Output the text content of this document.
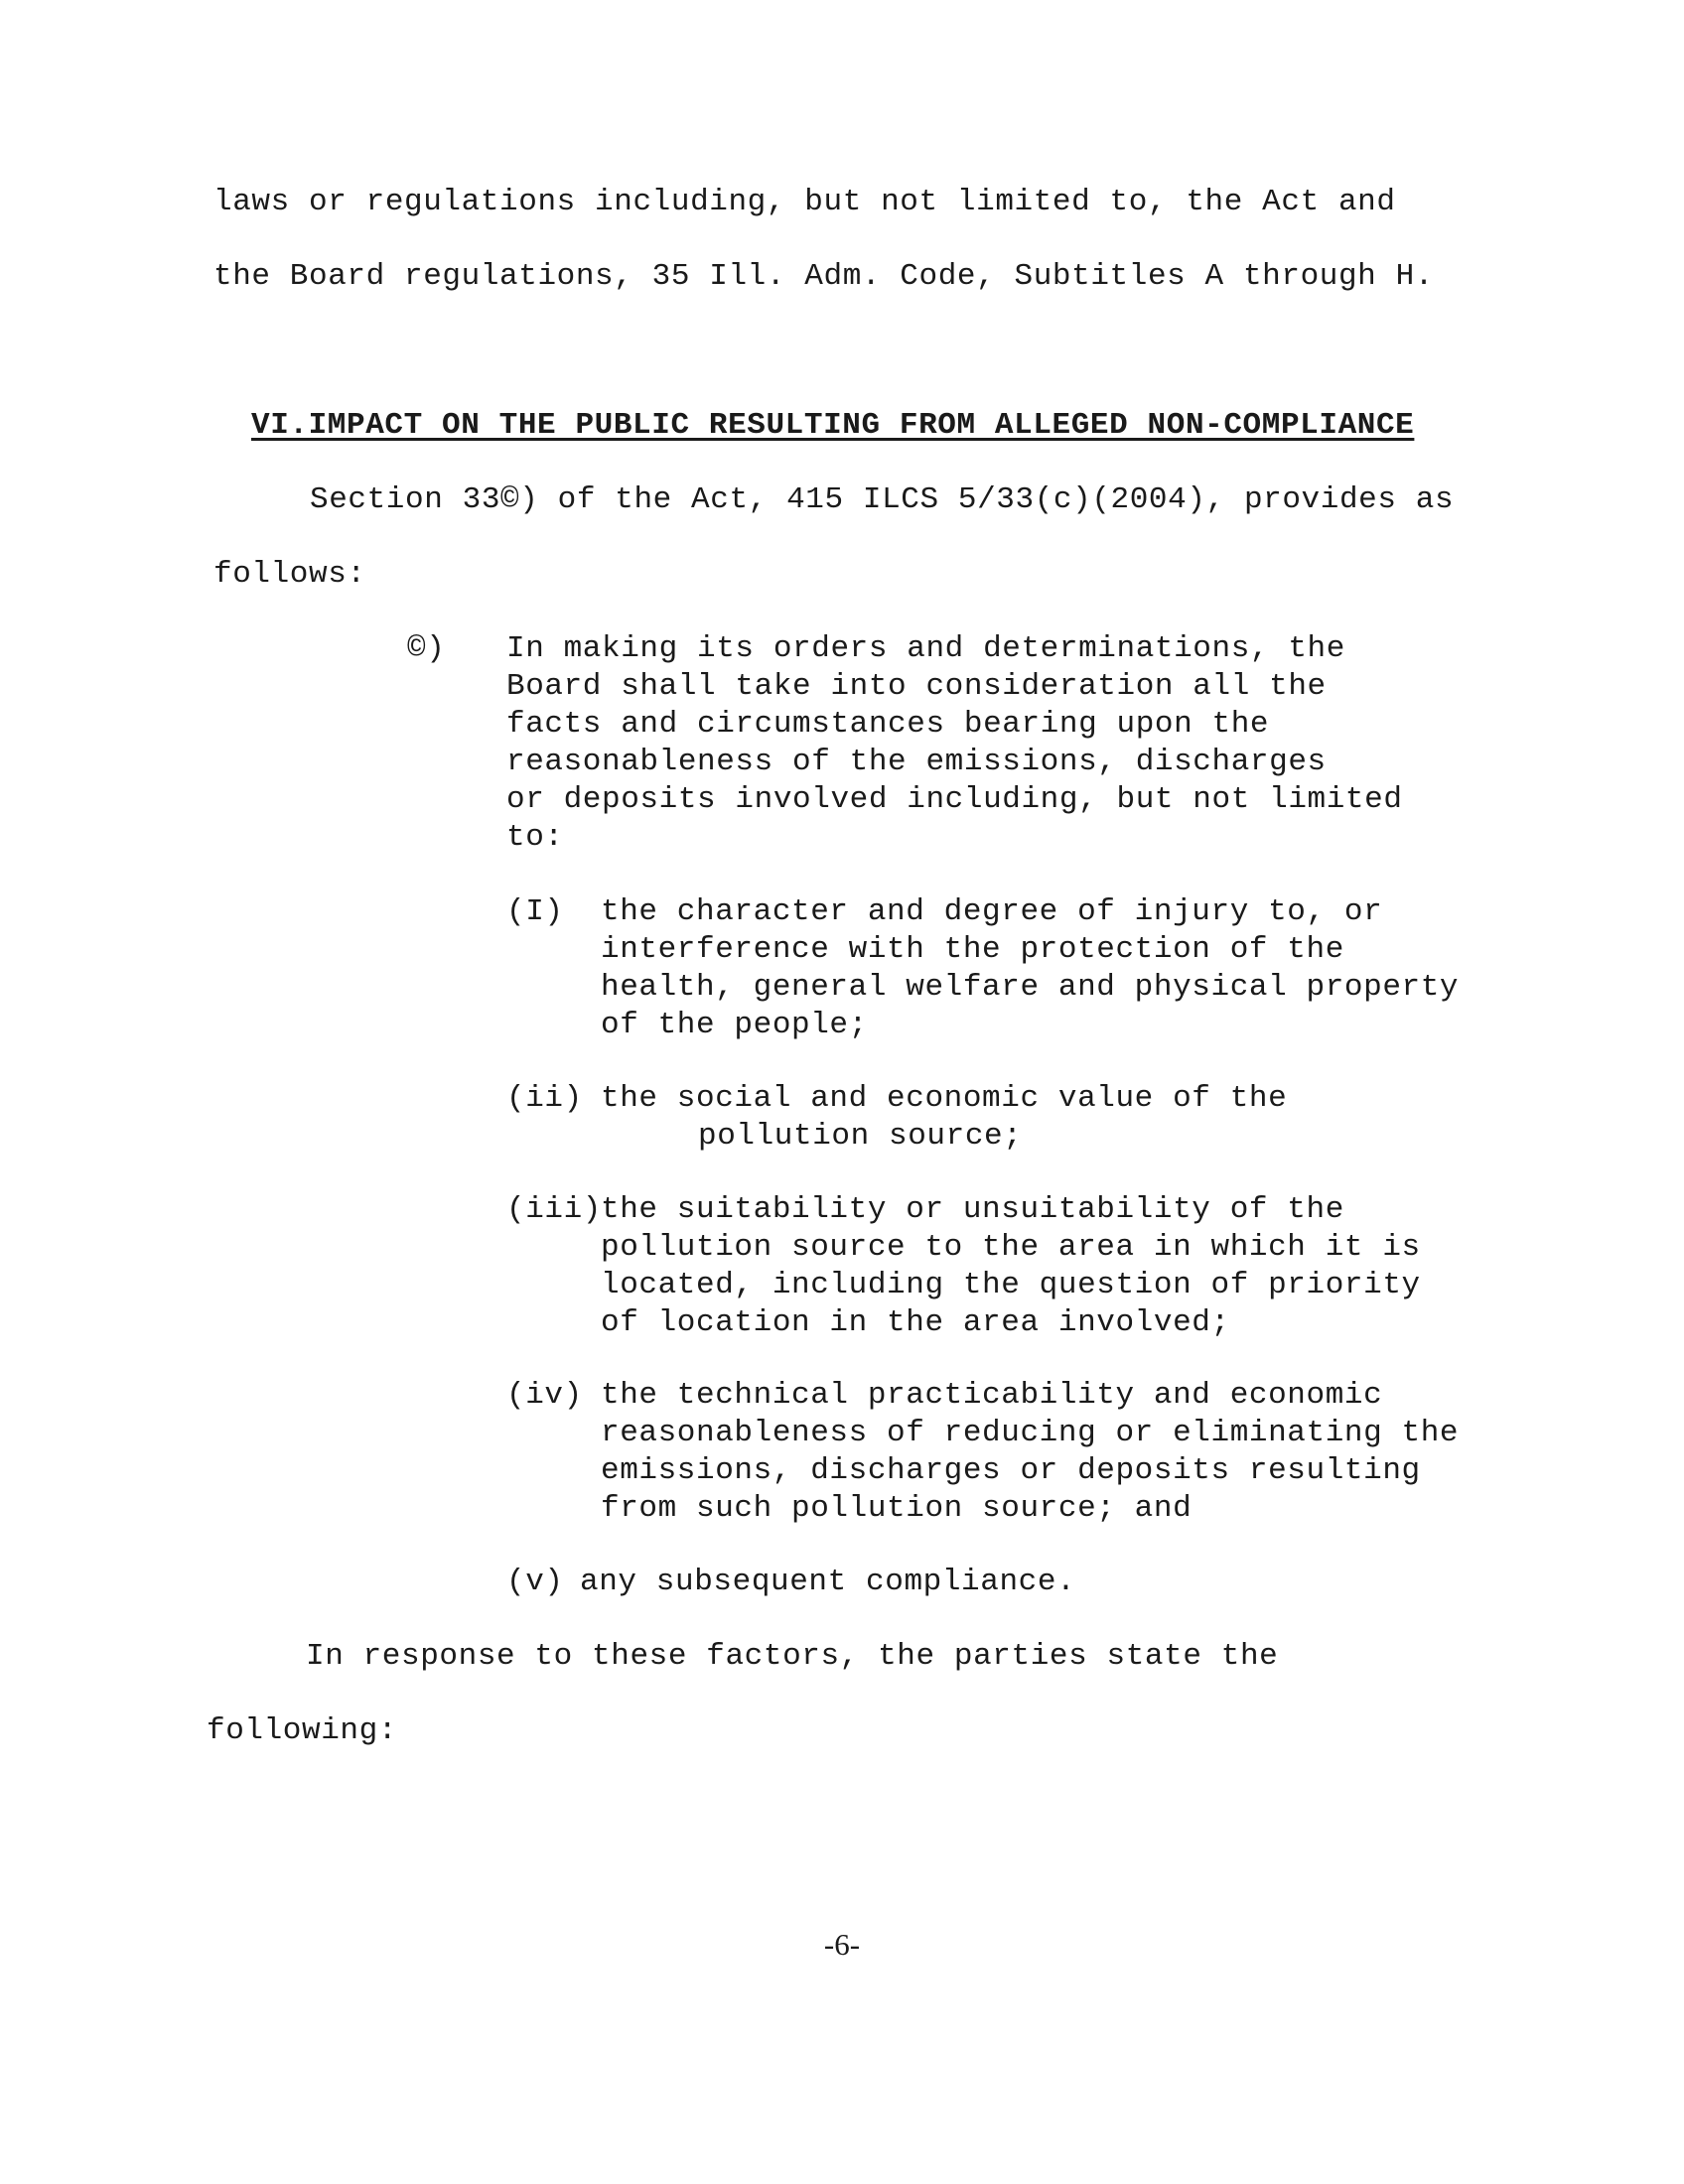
laws or regulations including, but not limited to, the Act and
the Board regulations, 35 Ill. Adm. Code, Subtitles A through H.
VI.IMPACT ON THE PUBLIC RESULTING FROM ALLEGED NON-COMPLIANCE
Section 33©) of the Act, 415 ILCS 5/33(c)(2004), provides as
follows:
©) In making its orders and determinations, the
Board shall take into consideration all the
facts and circumstances bearing upon the
reasonableness of the emissions, discharges
or deposits involved including, but not limited
to:
(I) the character and degree of injury to, or
interference with the protection of the
health, general welfare and physical property
of the people;
(ii) the social and economic value of the
pollution source;
(iii)
the suitability or unsuitability of the
pollution source to the area in which it is
located, including the question of priority
of location in the area involved;
(iv) the technical practicability and economic
reasonableness of reducing or eliminating the
emissions, discharges or deposits resulting
from such pollution source; and
(v) any subsequent compliance.
In response to these factors, the parties state the
following:
-6-
